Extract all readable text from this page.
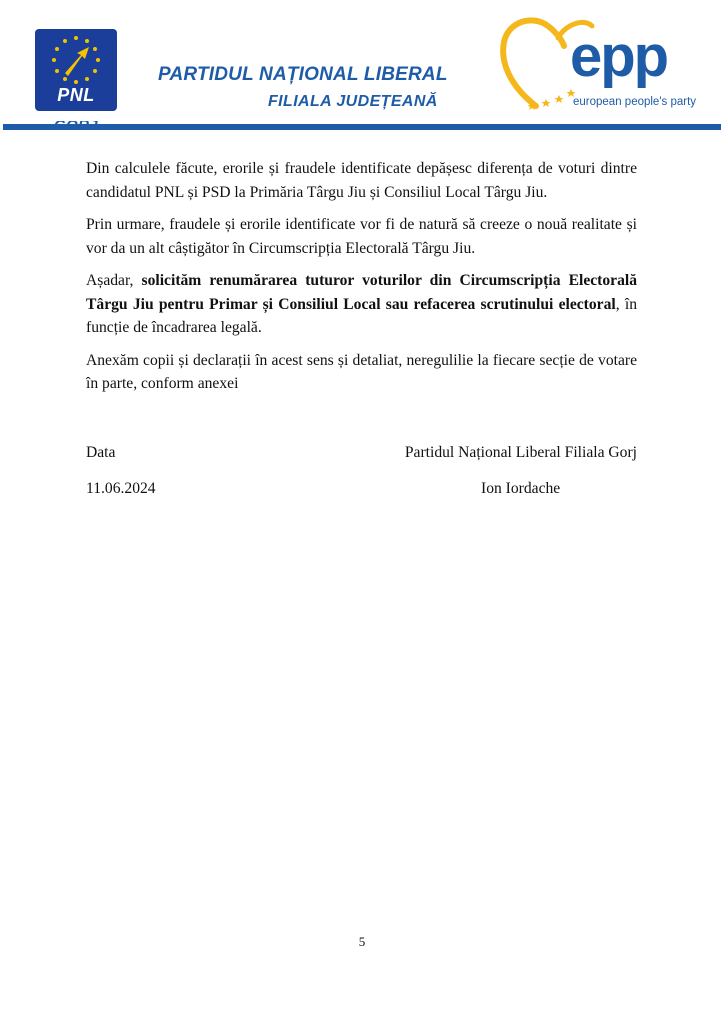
PNL
PARTIDUL NAȚIONAL LIBERAL
FILIALA JUDEȚEANĂ
epp
european people's party

Din calculele făcute, erorile și fraudele identificate depășesc diferența de voturi dintre candidatul PNL și PSD la Primăria Târgu Jiu și Consiliul Local Târgu Jiu.

Prin urmare, fraudele și erorile identificate vor fi de natură să creeze o nouă realitate și vor da un alt câștigător în Circumscripția Electorală Târgu Jiu.

Așadar, solicităm renumărarea tuturor voturilor din Circumscripția Electorală Târgu Jiu pentru Primar și Consiliul Local sau refacerea scrutinului electoral, în funcție de încadrarea legală.

Anexăm copii și declarații în acest sens și detaliat, neregulilie la fiecare secție de votare în parte, conform anexei

Data	Partidul Național Liberal Filiala Gorj
11.06.2024	Ion Iordache
5
